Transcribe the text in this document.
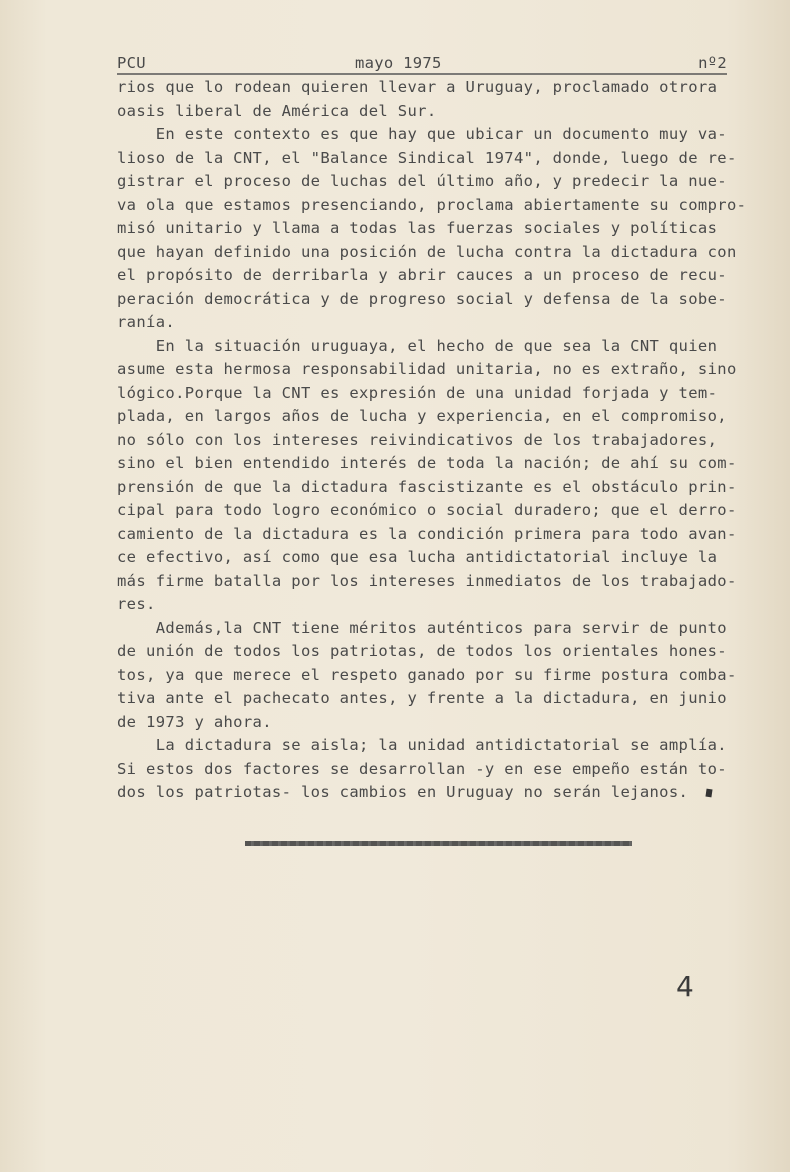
PCU	mayo 1975	nº2
rios que lo rodean quieren llevar a Uruguay, proclamado otrora
oasis liberal de América del Sur.
En este contexto es que hay que ubicar un documento muy va-
lioso de la CNT, el "Balance Sindical 1974", donde, luego de re-
gistrar el proceso de luchas del último año, y predecir la nue-
va ola que estamos presenciando, proclama abiertamente su compro-
misó unitario y llama a todas las fuerzas sociales y políticas
que hayan definido una posición de lucha contra la dictadura con
el propósito de derribarla y abrir cauces a un proceso de recu-
peración democrática y de progreso social y defensa de la sobe-
ranía.
En la situación uruguaya, el hecho de que sea la CNT quien
asume esta hermosa responsabilidad unitaria, no es extraño, sino
lógico.Porque la CNT es expresión de una unidad forjada y tem-
plada, en largos años de lucha y experiencia, en el compromiso,
no sólo con los intereses reivindicativos de los trabajadores,
sino el bien entendido interés de toda la nación; de ahí su com-
prensión de que la dictadura fascistizante es el obstáculo prin-
cipal para todo logro económico o social duradero; que el derro-
camiento de la dictadura es la condición primera para todo avan-
ce efectivo, así como que esa lucha antidictatorial incluye la
más firme batalla por los intereses inmediatos de los trabajado-
res.
Además,la CNT tiene méritos auténticos para servir de punto
de unión de todos los patriotas, de todos los orientales hones-
tos, ya que merece el respeto ganado por su firme postura comba-
tiva ante el pachecato antes, y frente a la dictadura, en junio
de 1973 y ahora.
La dictadura se aisla; la unidad antidictatorial se amplía.
Si estos dos factores se desarrollan -y en ese empeño están to-
dos los patriotas- los cambios en Uruguay no serán lejanos.
4
